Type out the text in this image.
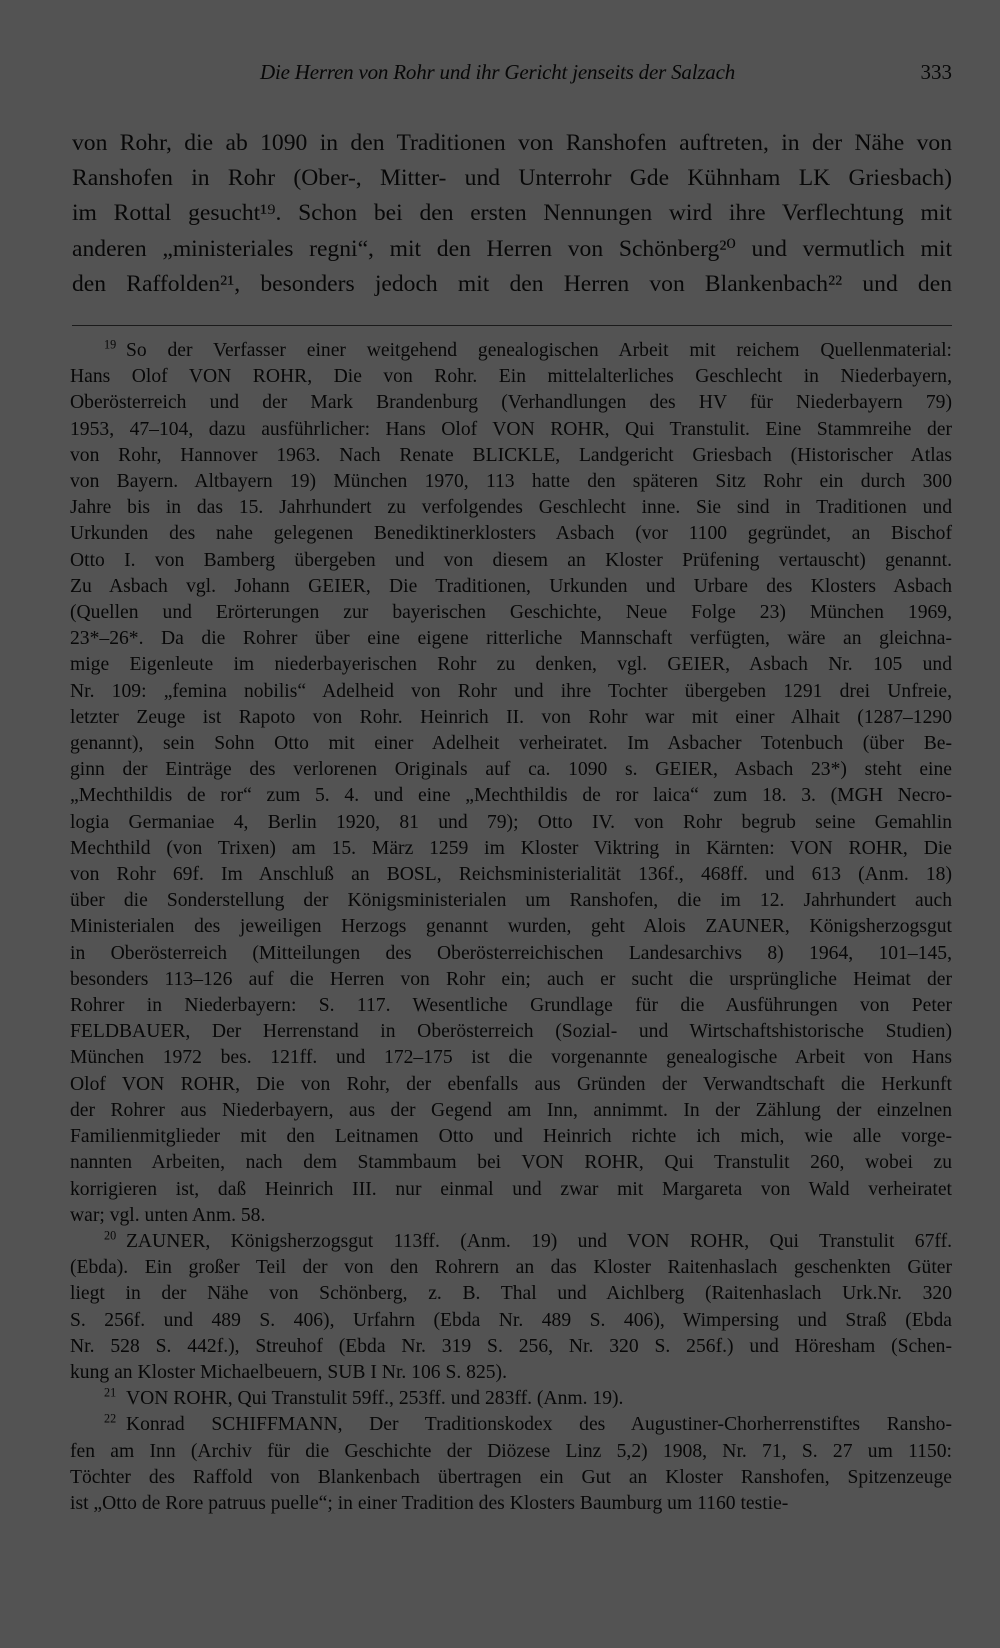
Die Herren von Rohr und ihr Gericht jenseits der Salzach	333
von Rohr, die ab 1090 in den Traditionen von Ranshofen auftreten, in der Nähe von
Ranshofen in Rohr (Ober-, Mitter- und Unterrohr Gde Kühnham LK Griesbach)
im Rottal gesucht¹⁹. Schon bei den ersten Nennungen wird ihre Verflechtung mit
anderen „ministeriales regni“, mit den Herren von Schönberg²⁰ und vermutlich mit
den Raffolden²¹, besonders jedoch mit den Herren von Blankenbach²² und den
$^{19}$  So der Verfasser einer weitgehend genealogischen Arbeit mit reichem Quellenmaterial:
Hans Olof VON ROHR, Die von Rohr. Ein mittelalterliches Geschlecht in Niederbayern,
Oberösterreich und der Mark Brandenburg (Verhandlungen des HV für Niederbayern 79)
1953, 47–104, dazu ausführlicher: Hans Olof VON ROHR, Qui Transtulit. Eine Stammreihe der
von Rohr, Hannover 1963. Nach Renate BLICKLE, Landgericht Griesbach (Historischer Atlas
von Bayern. Altbayern 19) München 1970, 113 hatte den späteren Sitz Rohr ein durch 300
Jahre bis in das 15. Jahrhundert zu verfolgendes Geschlecht inne. Sie sind in Traditionen und
Urkunden des nahe gelegenen Benediktinerklosters Asbach (vor 1100 gegründet, an Bischof
Otto I. von Bamberg übergeben und von diesem an Kloster Prüfening vertauscht) genannt.
Zu Asbach vgl. Johann GEIER, Die Traditionen, Urkunden und Urbare des Klosters Asbach
(Quellen und Erörterungen zur bayerischen Geschichte, Neue Folge 23) München 1969,
23*–26*. Da die Rohrer über eine eigene ritterliche Mannschaft verfügten, wäre an gleichna-
mige Eigenleute im niederbayerischen Rohr zu denken, vgl. GEIER, Asbach Nr. 105 und
Nr. 109: „femina nobilis“ Adelheid von Rohr und ihre Tochter übergeben 1291 drei Unfreie,
letzter Zeuge ist Rapoto von Rohr. Heinrich II. von Rohr war mit einer Alhait (1287–1290
genannt), sein Sohn Otto mit einer Adelheit verheiratet. Im Asbacher Totenbuch (über Be-
ginn der Einträge des verlorenen Originals auf ca. 1090 s. GEIER, Asbach 23*) steht eine
„Mechthildis de ror“ zum 5. 4. und eine „Mechthildis de ror laica“ zum 18. 3. (MGH Necro-
logia Germaniae 4, Berlin 1920, 81 und 79); Otto IV. von Rohr begrub seine Gemahlin
Mechthild (von Trixen) am 15. März 1259 im Kloster Viktring in Kärnten: VON ROHR, Die
von Rohr 69f. Im Anschluß an BOSL, Reichsministerialität 136f., 468ff. und 613 (Anm. 18)
über die Sonderstellung der Königsministerialen um Ranshofen, die im 12. Jahrhundert auch
Ministerialen des jeweiligen Herzogs genannt wurden, geht Alois ZAUNER, Königsherzogsgut
in Oberösterreich (Mitteilungen des Oberösterreichischen Landesarchivs 8) 1964, 101–145,
besonders 113–126 auf die Herren von Rohr ein; auch er sucht die ursprüngliche Heimat der
Rohrer in Niederbayern: S. 117. Wesentliche Grundlage für die Ausführungen von Peter
FELDBAUER, Der Herrenstand in Oberösterreich (Sozial- und Wirtschaftshistorische Studien)
München 1972 bes. 121ff. und 172–175 ist die vorgenannte genealogische Arbeit von Hans
Olof VON ROHR, Die von Rohr, der ebenfalls aus Gründen der Verwandtschaft die Herkunft
der Rohrer aus Niederbayern, aus der Gegend am Inn, annimmt. In der Zählung der einzelnen
Familienmitglieder mit den Leitnamen Otto und Heinrich richte ich mich, wie alle vorge-
nannten Arbeiten, nach dem Stammbaum bei VON ROHR, Qui Transtulit 260, wobei zu
korrigieren ist, daß Heinrich III. nur einmal und zwar mit Margareta von Wald verheiratet
war; vgl. unten Anm. 58.
$^{20}$  ZAUNER, Königsherzogsgut 113ff. (Anm. 19) und VON ROHR, Qui Transtulit 67ff.
(Ebda). Ein großer Teil der von den Rohrern an das Kloster Raitenhaslach geschenkten Güter
liegt in der Nähe von Schönberg, z. B. Thal und Aichlberg (Raitenhaslach Urk.Nr. 320
S. 256f. und 489 S. 406), Urfahrn (Ebda Nr. 489 S. 406), Wimpersing und Straß (Ebda
Nr. 528 S. 442f.), Streuhof (Ebda Nr. 319 S. 256, Nr. 320 S. 256f.) und Höresham (Schen-
kung an Kloster Michaelbeuern, SUB I Nr. 106 S. 825).
$^{21}$  VON ROHR, Qui Transtulit 59ff., 253ff. und 283ff. (Anm. 19).
$^{22}$  Konrad SCHIFFMANN, Der Traditionskodex des Augustiner-Chorherrenstiftes Ransho-
fen am Inn (Archiv für die Geschichte der Diözese Linz 5,2) 1908, Nr. 71, S. 27 um 1150:
Töchter des Raffold von Blankenbach übertragen ein Gut an Kloster Ranshofen, Spitzenzeuge
ist „Otto de Rore patruus puelle“; in einer Tradition des Klosters Baumburg um 1160 testie-
